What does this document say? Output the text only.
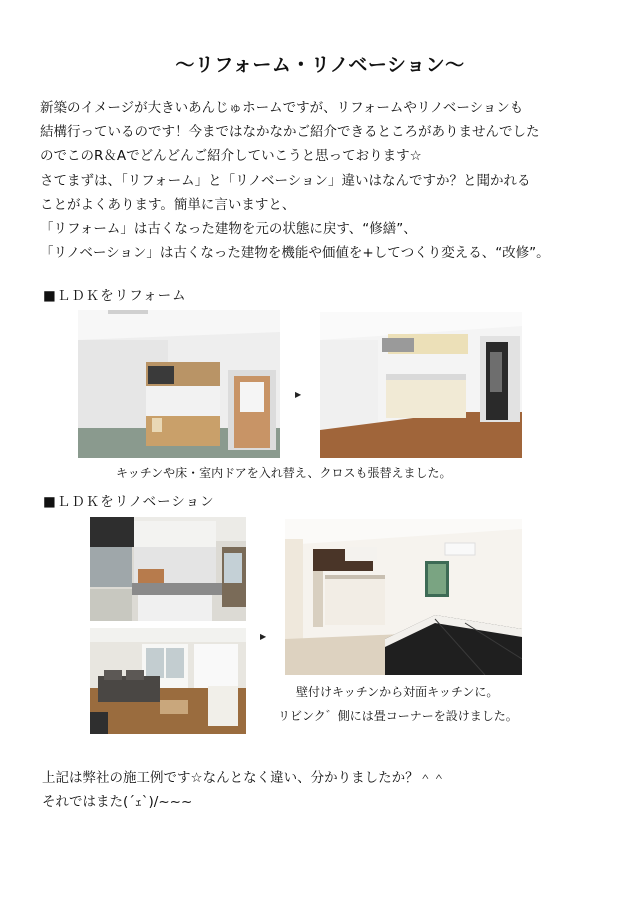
～リフォーム・リノベーション～
新築のイメージが大きいあんじゅホームですが、リフォームやリノベーションも
結構行っているのです！今まではなかなかご紹介できるところがありませんでした
のでこのR＆Aでどんどんご紹介していこうと思っております☆
さてまずは、「リフォーム」と「リノベーション」違いはなんですか？と聞かれる
ことがよくあります。簡単に言いますと、
「リフォーム」は古くなった建物を元の状態に戻す、“修繕”、
「リノベーション」は古くなった建物を機能や価値を+してつくり変える、“改修”。
■ＬＤＫをリフォーム
▶
キッチンや床・室内ドアを入れ替え、クロスも張替えました。
■ＬＤＫをリノベーション
▶
壁付けキッチンから対面キッチンに。
リビンク゛側には畳コーナーを設けました。
上記は弊社の施工例です☆なんとなく違い、分かりましたか？＾＾
それではまた(´ｪ`)/~~~
